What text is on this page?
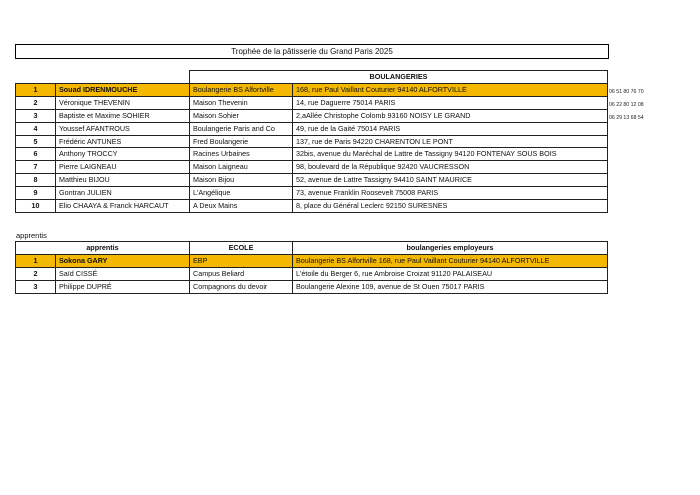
Trophée de la pâtisserie du Grand Paris 2025
		BOULANGERIES	
1	Souad IDRENMOUCHE	Boulangerie BS Alfortville	168, rue Paul Vaillant Couturier 94140 ALFORTVILLE
2	Véronique THEVENIN	Maison Thevenin	14, rue Daguerre 75014 PARIS
3	Baptiste et Maxime SOHIER	Maison Sohier	2,aAllée Christophe Colomb 93160 NOISY LE GRAND
4	Youssef AFANTROUS	Boulangerie Paris and Co	49, rue de la Gaité 75014 PARIS
5	Frédéric ANTUNES	Fred Boulangerie	137, rue de Paris 94220 CHARENTON LE PONT
6	Anthony TROCCY	Racines Urbaines	32bis, avenue du Maréchal de Lattre de Tassigny 94120 FONTENAY SOUS BOIS
7	Pierre LAIGNEAU	Maison Laigneau	98, boulevard de la République 92420 VAUCRESSON
8	Matthieu BIJOU	Maison Bijou	52, avenue de Lattre Tassigny 94410 SAINT MAURICE
9	Gontran JULIEN	L'Angélique	73, avenue Franklin Roosevelt 75008 PARIS
10	Elio CHAAYA & Franck HARCAUT	A Deux Mains	8, place du Général Leclerc 92150 SURESNES
06 51 80 76 70
06 22 80 12 08
06 29 13 68 54
apprentis
apprentis		ECOLE	boulangeries employeurs
1	Sokona GARY	EBP	Boulangerie BS Alfortville 168, rue Paul Vaillant Couturier 94140 ALFORTVILLE
2	Saïd CISSÉ	Campus Beliard	L'étoile du Berger 6, rue Ambroise Croizat 91120 PALAISEAU
3	Philippe DUPRÉ	Compagnons du devoir	Boulangerie Alexine 109, avenue de St Ouen 75017 PARIS
